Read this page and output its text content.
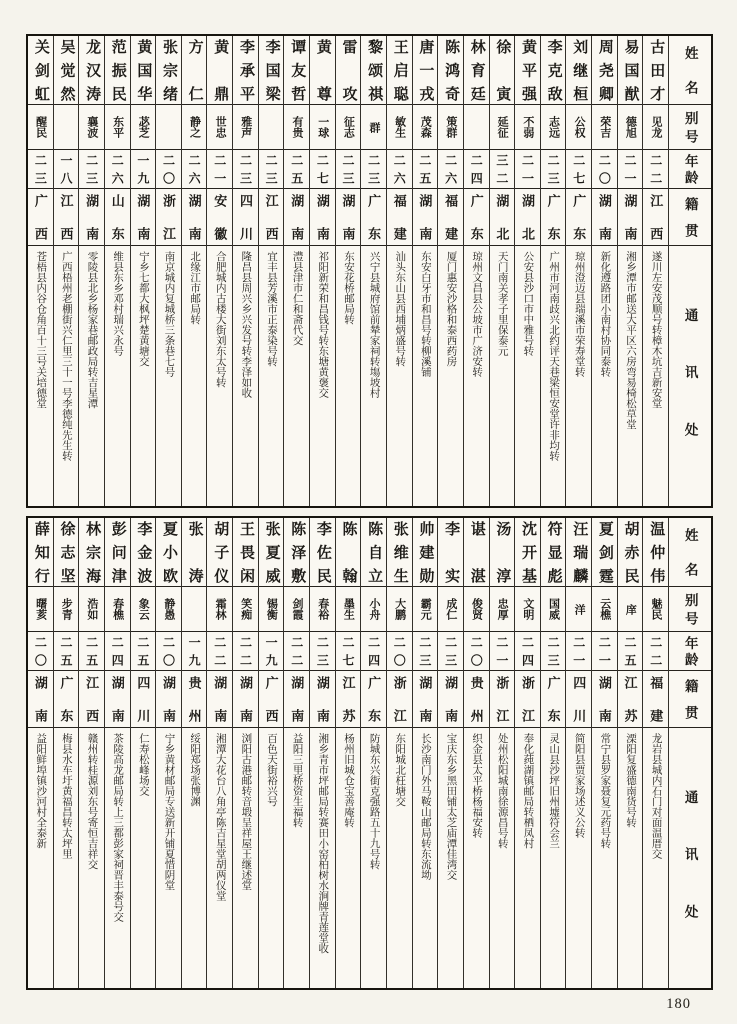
关剑虹
醒民
二三
广西
苍梧县内谷仓角百十三号关培德堂
吴觉然
一八
江西
广西梧州老棚街兴仁里三十一号李德纯先生转
龙汉涛
襄波
二三
湖南
零陵县北乡杨家巷邮政局转吉星潭
范振民
东平
二六
山东
维县东乡邓村瑞兴永号
黄国华
苾芝
一九
湖南
宁乡七都大枫坪楚黄塘交
张宗绪
二〇
浙江
南京城内复城桥三条巷七号
方仁
静之
二六
湖南
北缘江市邮局转
黄鼎
世忠
二一
安徽
合肥城内古楼大街刘东太号转
李承平
雅声
二三
四川
隆昌县周兴乡兴发号转李泽如收
李国梁
二三
江西
宜丰县芳溪市正泰染号转
谭友哲
有贵
二五
湖南
澧县津市仁和斋代交
黄尊
一球
二七
湖南
祁阳新荣和昌钱号转东塘黄褒交
雷攻
征志
二三
湖南
东安花桥邮局转
黎颂祺
群
二三
广东
兴宁县城府馆前辇家祠转塲坡村
王启聪
敏生
二六
福建
汕头东山县西埔炳盛号转
唐一戎
茂森
二五
湖南
东安白牙市和昌号转柳溪铺
陈鸿奇
策群
二六
福建
厦门惠安沙格和泰西药房
林育廷
二四
广东
琼州文昌县公坡市广济安转
徐寅
延征
三二
湖北
天门南关孝子里保泰元
黄平强
不弱
二一
湖北
公安县沙口市中雅号转
李克敌
志远
二三
广东
广州市河南歧兴北约评天巷梁恒安堂许非均转
刘继桓
公权
二七
广东
琼州澄迈县瑞溪市荣寿堂转
周尧卿
荣吉
二〇
湖南
新化遵路团小南村协同泰转
易国猷
德旭
二一
湖南
湘乡潭市邮送大平区六房弯易椅松草堂
古田才
见龙
二二
江西
遂川左安茂顺号转樟木坑吉新安堂
姓名
别号
年龄
籍贯
通讯处
薛知行
曙荄
二〇
湖南
益阳鲜埠镇沙河村全泰新
徐志坚
步青
二五
广东
梅县水车圩黄福昌转太坪里
林宗海
浩如
二五
江西
赣州转桂源刘东号寄恒吉祥交
彭问津
春樵
二四
湖南
茶陵高龙邮局转上三都彭家祠晋丰泰号交
李金波
象云
二五
四川
仁寿松峰场交
夏小欧
静愚
二〇
湖南
宁乡黄材邮局专送新开铺夏惜阴堂
张涛
一九
贵州
绥阳郑场张博渊
胡子仪
霜林
二二
湖南
湘潭大花台八角亭陈吉星堂胡两仪堂
王畏闲
笑痴
二二
湖南
浏阳古港邮转音塅呈祥屋王继述堂
张夏威
锡衡
一九
广西
百色天街裕兴号
陈泽敷
剑霞
二二
湖南
益阳三里桥资生福转
李佐民
春裕
二三
湖南
湘乡青市坪邮局转赛田小窑柏树水涧牌青莲堂收
陈翰
墨生
二七
江苏
杨州旧城仓宝善庵转
陈自立
小舟
二四
广东
防城东兴街克强路五十九号转
张维生
大鹏
二〇
浙江
东阳城北枉塘交
帅建勋
霸元
二三
湖南
长沙南门外马鞍山邮局转东流坳
李实
成仁
二三
湖南
宝庆东乡黑田铺太芝庙潭佳湾交
谌湛
俊贤
二〇
贵州
织金县太平桥杨福安转
汤淳
忠厚
二一
浙江
处州松阳城南徐源昌号转
沈开基
文明
二四
浙江
奉化莼湖镇邮局转栖凤村
符显彪
国威
二三
广东
灵山县沙坪旧州墟符会兰
汪瑞麟
洋
二一
四川
简阳县贾家场述义公转
夏剑霆
云樵
二一
湖南
常宁县罗家聂复元药号转
胡赤民
庠
二五
江苏
溧阳复盛德南货号转
温仲伟
魅民
二二
福建
龙岩县城内石门对面温厝交
姓名
别号
年龄
籍贯
通讯处
180
